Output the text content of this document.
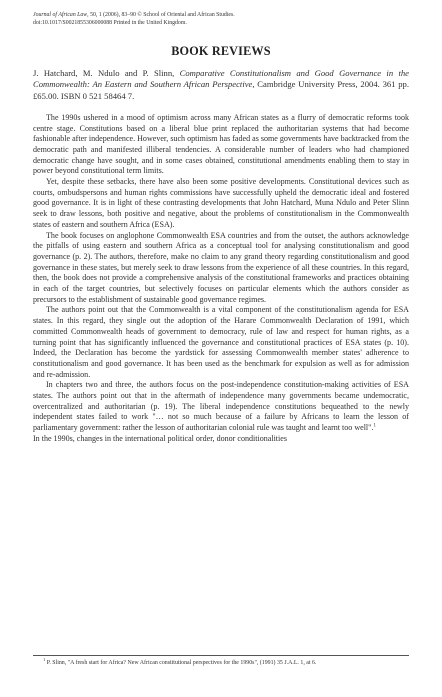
Journal of African Law, 50, 1 (2006), 83–90 © School of Oriental and African Studies.
doi:10.1017/S0021855306000088 Printed in the United Kingdom.
BOOK REVIEWS
J. Hatchard, M. Ndulo and P. Slinn, Comparative Constitutionalism and Good Governance in the Commonwealth: An Eastern and Southern African Perspective, Cambridge University Press, 2004. 361 pp. £65.00. ISBN 0 521 58464 7.

The 1990s ushered in a mood of optimism across many African states as a flurry of democratic reforms took centre stage. Constitutions based on a liberal blue print replaced the authoritarian systems that had become fashionable after independence. However, such optimism has faded as some governments have backtracked from the democratic path and manifested illiberal tendencies. A considerable number of leaders who had championed democratic change have sought, and in some cases obtained, constitutional amendments enabling them to stay in power beyond constitutional term limits.

Yet, despite these setbacks, there have also been some positive developments. Constitutional devices such as courts, ombudspersons and human rights commissions have successfully upheld the democratic ideal and fostered good governance. It is in light of these contrasting developments that John Hatchard, Muna Ndulo and Peter Slinn seek to draw lessons, both positive and negative, about the problems of constitutionalism in the Commonwealth states of eastern and southern Africa (ESA).

The book focuses on anglophone Commonwealth ESA countries and from the outset, the authors acknowledge the pitfalls of using eastern and southern Africa as a conceptual tool for analysing constitutionalism and good governance (p. 2). The authors, therefore, make no claim to any grand theory regarding constitutionalism and good governance in these states, but merely seek to draw lessons from the experience of all these countries. In this regard, then, the book does not provide a comprehensive analysis of the constitutional frameworks and practices obtaining in each of the target countries, but selectively focuses on particular elements which the authors consider as precursors to the establishment of sustainable good governance regimes.

The authors point out that the Commonwealth is a vital component of the constitutionalism agenda for ESA states. In this regard, they single out the adoption of the Harare Commonwealth Declaration of 1991, which committed Commonwealth heads of government to democracy, rule of law and respect for human rights, as a turning point that has significantly influenced the governance and constitutional practices of ESA states (p. 10). Indeed, the Declaration has become the yardstick for assessing Commonwealth member states' adherence to constitutionalism and good governance. It has been used as the benchmark for expulsion as well as for admission and re-admission.

In chapters two and three, the authors focus on the post-independence constitution-making activities of ESA states. The authors point out that in the aftermath of independence many governments became undemocratic, overcentralized and authoritarian (p. 19). The liberal independence constitutions bequeathed to the newly independent states failed to work "… not so much because of a failure by Africans to learn the lesson of parliamentary government: rather the lesson of authoritarian colonial rule was taught and learnt too well".$^1$

In the 1990s, changes in the international political order, donor conditionalities

$^1$ P. Slinn, "A fresh start for Africa? New African constitutional perspectives for the 1990s", (1991) 35 J.A.L. 1, at 6.
